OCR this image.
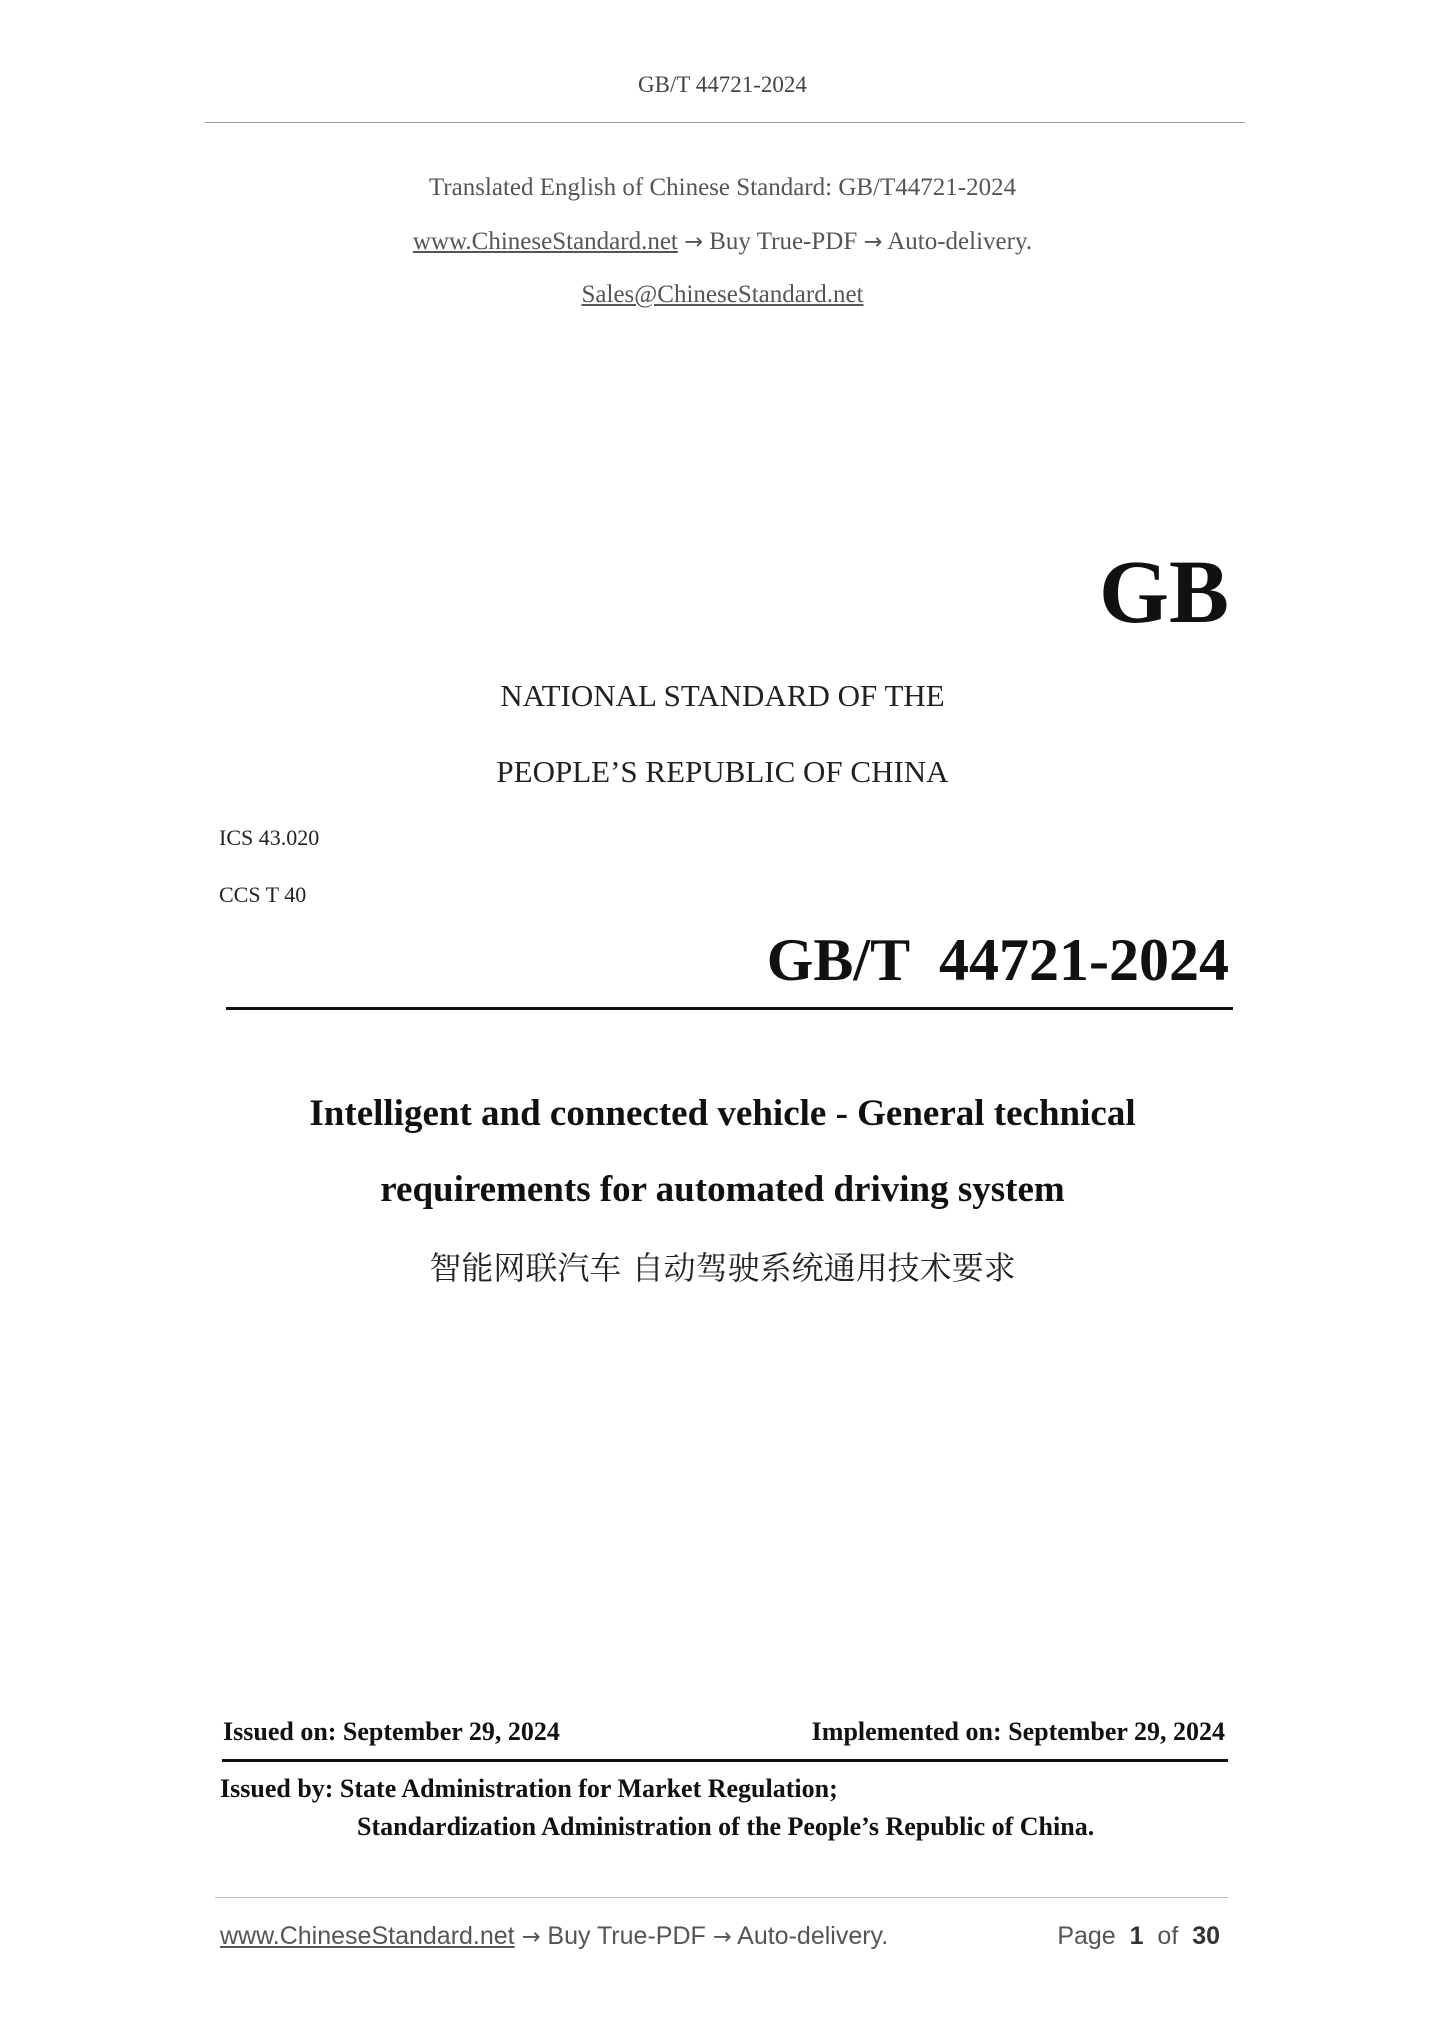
GB/T 44721-2024
Translated English of Chinese Standard: GB/T44721-2024
www.ChineseStandard.net → Buy True-PDF → Auto-delivery.
Sales@ChineseStandard.net
GB
NATIONAL STANDARD OF THE
PEOPLE’S REPUBLIC OF CHINA
ICS 43.020
CCS T 40
GB/T  44721-2024
Intelligent and connected vehicle - General technical
requirements for automated driving system
智能网联汽车 自动驾驶系统通用技术要求
Issued on: September 29, 2024	Implemented on: September 29, 2024
Issued by: State Administration for Market Regulation;
Standardization Administration of the People’s Republic of China.
www.ChineseStandard.net → Buy True-PDF → Auto-delivery.	Page 1 of 30
